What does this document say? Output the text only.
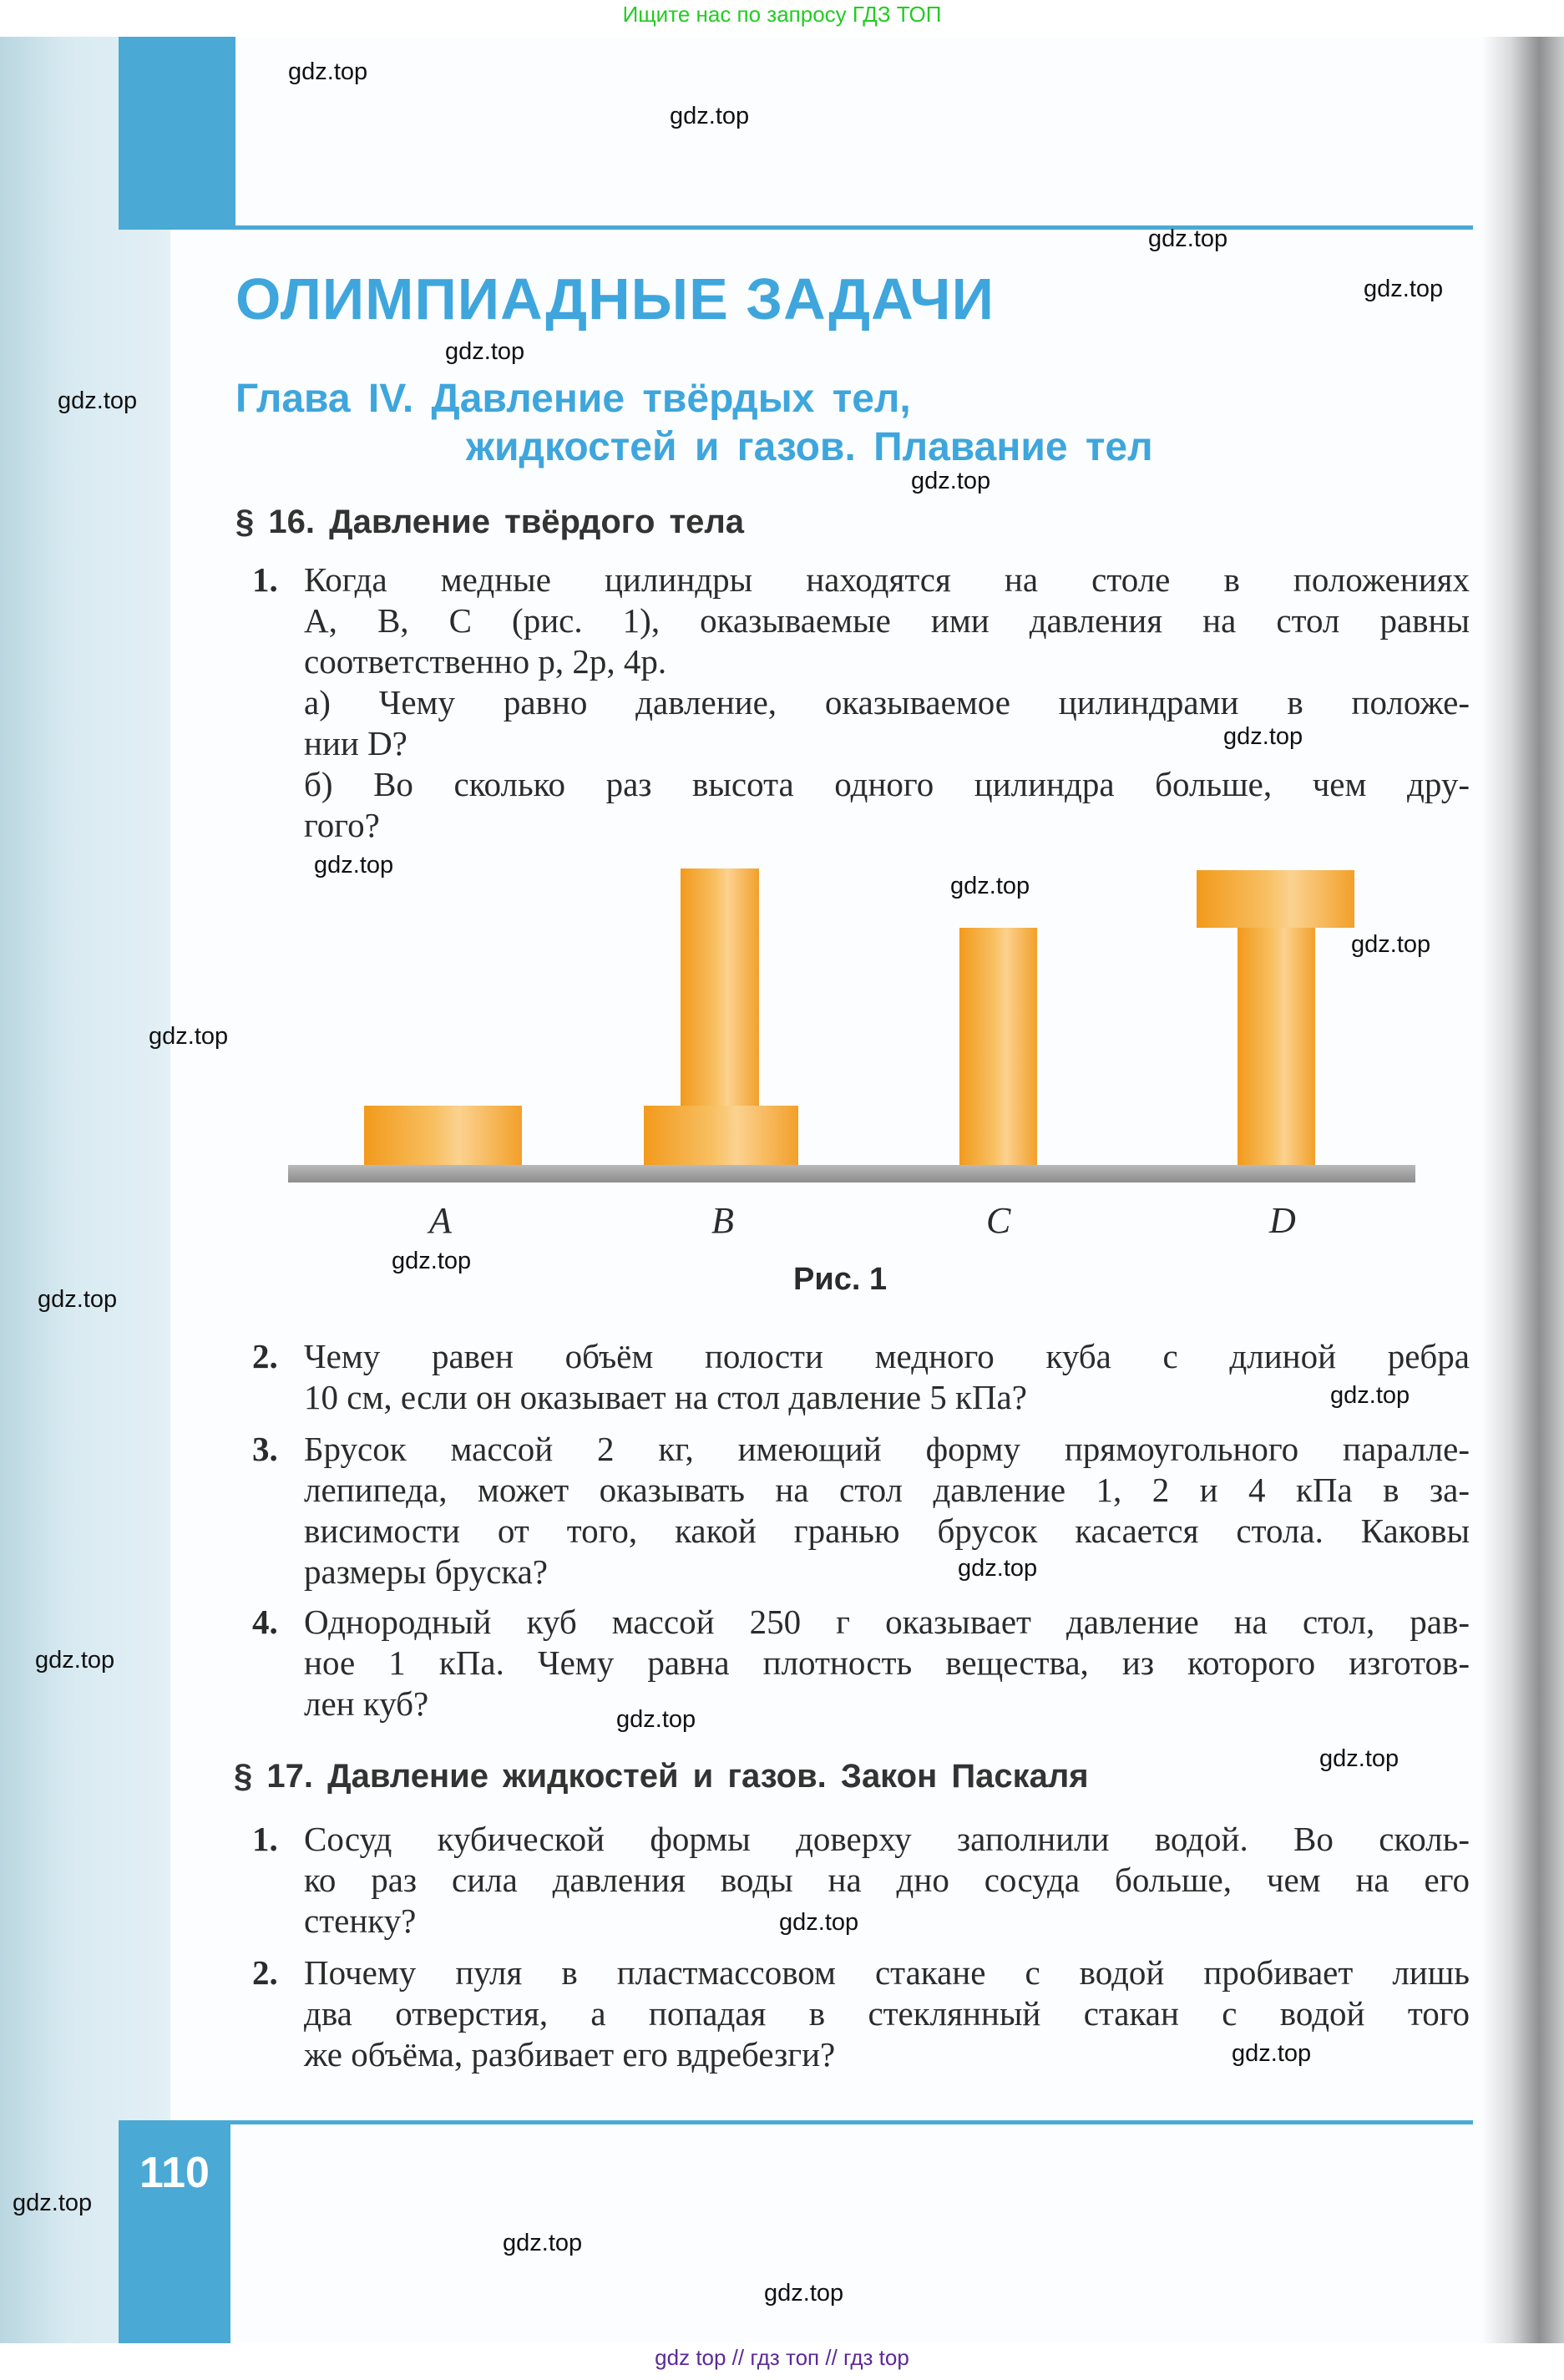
Ищите нас по запросу ГДЗ ТОП
ОЛИМПИАДНЫЕ ЗАДАЧИ
Глава IV. Давление твёрдых тел,
жидкостей и газов. Плавание тел
§ 16. Давление твёрдого тела
§ 17. Давление жидкостей и газов. Закон Паскаля
1. Когда медные цилиндры находятся на столе в положениях
A, B, C (рис. 1), оказываемые ими давления на стол равны
соответственно p, 2p, 4p.
а) Чему равно давление, оказываемое цилиндрами в положе-
нии D?
б) Во сколько раз высота одного цилиндра больше, чем дру-
гого?
2. Чему равен объём полости медного куба с длиной ребра
10 см, если он оказывает на стол давление 5 кПа?
3. Брусок массой 2 кг, имеющий форму прямоугольного паралле-
лепипеда, может оказывать на стол давление 1, 2 и 4 кПа в за-
висимости от того, какой гранью брусок касается стола. Каковы
размеры бруска?
4. Однородный куб массой 250 г оказывает давление на стол, рав-
ное 1 кПа. Чему равна плотность вещества, из которого изготов-
лен куб?
1. Сосуд кубической формы доверху заполнили водой. Во сколь-
ко раз сила давления воды на дно сосуда больше, чем на его
стенку?
2. Почему пуля в пластмассовом стакане с водой пробивает лишь
два отверстия, а попадая в стеклянный стакан с водой того
же объёма, разбивает его вдребезги?
A	B	C	D
Рис. 1
110
gdz top // гдз топ // гдз top
gdz.top
gdz.top
gdz.top
gdz.top
gdz.top
gdz.top
gdz.top
gdz.top
gdz.top
gdz.top
gdz.top
gdz.top
gdz.top
gdz.top
gdz.top
gdz.top
gdz.top
gdz.top
gdz.top
gdz.top
gdz.top
gdz.top
gdz.top
gdz.top
